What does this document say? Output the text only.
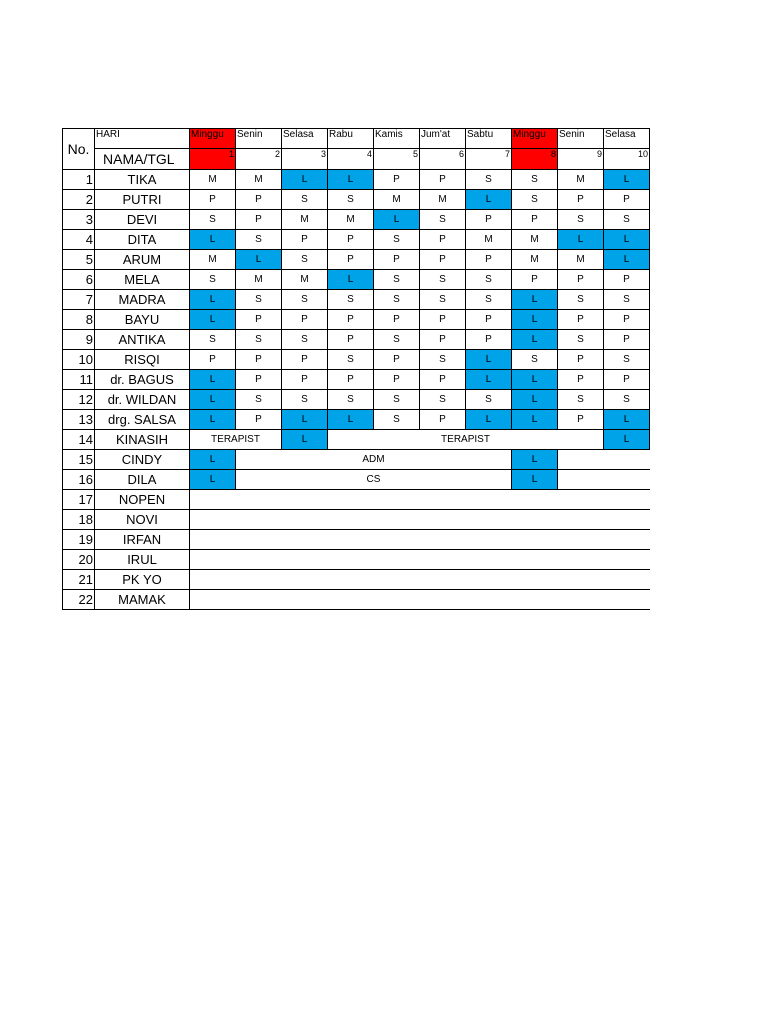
No.	HARI	Minggu	Senin	Selasa	Rabu	Kamis	Jum'at	Sabtu	Minggu	Senin	Selasa
	NAMA/TGL	1	2	3	4	5	6	7	8	9	10
1	TIKA	M	M	L	L	P	P	S	S	M	L
2	PUTRI	P	P	S	S	M	M	L	S	P	P
3	DEVI	S	P	M	M	L	S	P	P	S	S
4	DITA	L	S	P	P	S	P	M	M	L	L
5	ARUM	M	L	S	P	P	P	P	M	M	L
6	MELA	S	M	M	L	S	S	S	P	P	P
7	MADRA	L	S	S	S	S	S	S	L	S	S
8	BAYU	L	P	P	P	P	P	P	L	P	P
9	ANTIKA	S	S	S	P	S	P	P	L	S	P
10	RISQI	P	P	P	S	P	S	L	S	P	S
11	dr. BAGUS	L	P	P	P	P	P	L	L	P	P
12	dr. WILDAN	L	S	S	S	S	S	S	L	S	S
13	drg. SALSA	L	P	L	L	S	P	L	L	P	L
14	KINASIH	TERAPIST		L	TERAPIST						L
15	CINDY	L	ADM						L		
16	DILA	L	CS						L		
17	NOPEN										
18	NOVI										
19	IRFAN										
20	IRUL										
21	PK YO										
22	MAMAK										
